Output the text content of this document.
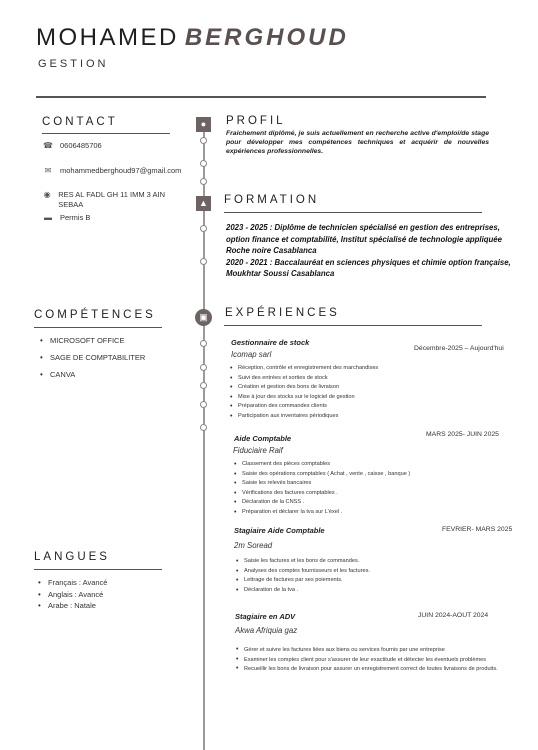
MOHAMED BERGHOUD
GESTION
●
▲
▣
CONTACT
☎ 0606485706
✉	mohammedberghoud97@gmail.com
◉ RES AL FADL GH 11 IMM 3 AIN SEBAA
▬ Permis B
COMPÉTENCES
• MICROSOFT OFFICE
• SAGE DE COMPTABILITER
• CANVA
LANGUES
• Français : Avancé
• Anglais : Avancé
• Arabe : Natale
PROFIL
Fraichement diplômé, je suis actuellement en recherche active d'emploi/de stage pour développer mes compétences techniques et acquérir de nouvelles expériences professionnelles.
FORMATION
2023 - 2025 : Diplôme de technicien spécialisé en gestion des entreprises, option finance et comptabilité, Institut spécialisé de technologie appliquée Roche noire Casablanca
2020 - 2021 : Baccalauréat en sciences physiques et chimie option française, Moukhtar Soussi Casablanca
EXPÉRIENCES
Gestionnaire de stock
Décembre-2025 – Aujourd'hui
Icomap sarl
• Réception, contrôle et enregistrement des marchandises
• Suivi des entrées et sorties de stock
• Création et gestion des bons de livraison
• Mise à jour des stocks sur le logiciel de gestion
• Préparation des commandes clients
• Participation aux inventaires périodiques
Aide Comptable	MARS 2025- JUIN 2025
Fiduciaire Raif
• Classement des pièces comptables
• Saisie des opérations comptables ( Achat , vente , caisse , banque )
• Saisie les relevés bancaires
• Vérifications des factures comptables .
• Déclaration de la CNSS .
• Préparation et déclarer la tva sur L'éxel .
Stagiaire Aide Comptable	FEVRIER- MARS 2025
2m Soread
• Saisie les factures et les bons de commandes.
• Analyses des comptes fournisseurs et les factures.
• Lettrage de factures par ses poiements.
• Déclaration de la tva .
Stagiaire en ADV	JUIN 2024-AOUT 2024
Akwa Afriquia gaz
• Gérer et suivre les factures liées aux biens ou services fournis par une entreprise
• Examiner les comptes client pour s'assurer de leur exactitude et détecter les éventuels problèmes
• Recueillir les bons de livraison pour assurer un enregistrement correct de toutes livraisons de produits.
